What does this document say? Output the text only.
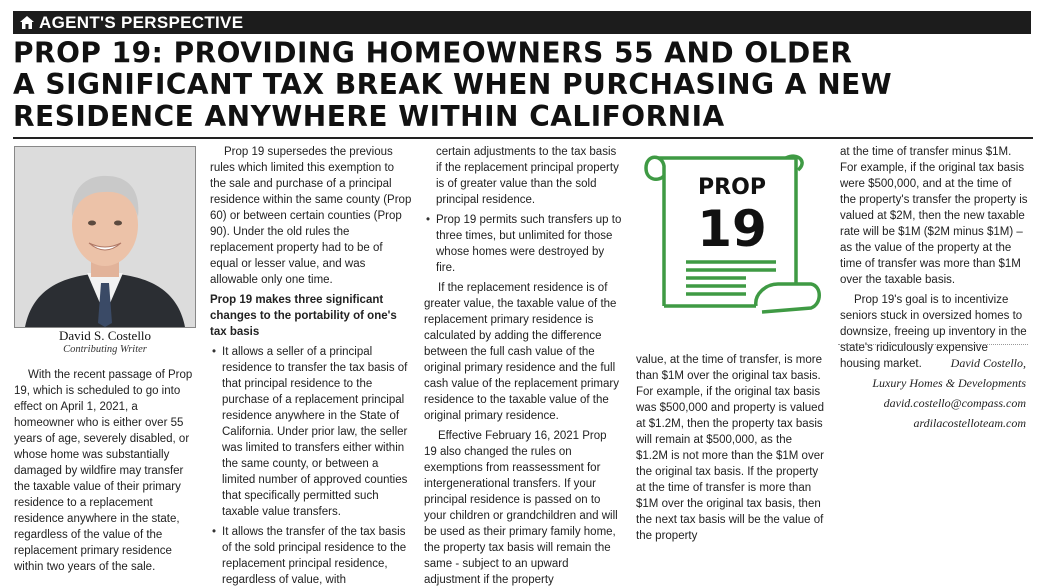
AGENT'S PERSPECTIVE
PROP 19: PROVIDING HOMEOWNERS 55 AND OLDER
A SIGNIFICANT TAX BREAK WHEN PURCHASING A NEW
RESIDENCE ANYWHERE WITHIN CALIFORNIA
David S. Costello
Contributing Writer

With the recent passage of Prop 19, which is scheduled to go into effect on April 1, 2021, a homeowner who is either over 55 years of age, severely disabled, or whose home was substantially damaged by wildfire may transfer the taxable value of their primary residence to a replacement residence anywhere in the state, regardless of the value of the replacement primary residence within two years of the sale.

Prop 19 supersedes the previous rules which limited this exemption to the sale and purchase of a principal residence within the same county (Prop 60) or between certain counties (Prop 90). Under the old rules the replacement property had to be of equal or lesser value, and was allowable only one time.

Prop 19 makes three significant changes to the portability of one's tax basis
• It allows a seller of a principal residence to transfer the tax basis of that principal residence to the purchase of a replacement principal residence anywhere in the State of California. Under prior law, the seller was limited to transfers either within the same county, or between a limited number of approved counties that specifically permitted such taxable value transfers.
• It allows the transfer of the tax basis of the sold principal residence to the replacement principal residence, regardless of value, with

certain adjustments to the tax basis if the replacement principal property is of greater value than the sold principal residence.

• Prop 19 permits such transfers up to three times, but unlimited for those whose homes were destroyed by fire.

If the replacement residence is of greater value, the taxable value of the replacement primary residence is calculated by adding the difference between the full cash value of the original primary residence and the full cash value of the replacement primary residence to the taxable value of the original primary residence.

Effective February 16, 2021 Prop 19 also changed the rules on exemptions from reassessment for intergenerational transfers. If your principal residence is passed on to your children or grandchildren and will be used as their primary family home, the property tax basis will remain the same - subject to an upward adjustment if the property

PROP
19

value, at the time of transfer, is more than $1M over the original tax basis. For example, if the original tax basis was $500,000 and property is valued at $1.2M, then the property tax basis will remain at $500,000, as the $1.2M is not more than the $1M over the original tax basis. If the property at the time of transfer is more than $1M over the original tax basis, then the next tax basis will be the value of the property

at the time of transfer minus $1M. For example, if the original tax basis were $500,000, and at the time of the property's transfer the property is valued at $2M, then the new taxable rate will be $1M ($2M minus $1M) – as the value of the property at the time of transfer was more than $1M over the taxable basis.

Prop 19's goal is to incentivize seniors stuck in oversized homes to downsize, freeing up inventory in the state's ridiculously expensive housing market.	David Costello,
Luxury Homes & Developments
david.costello@compass.com
ardilacostelloteam.com
